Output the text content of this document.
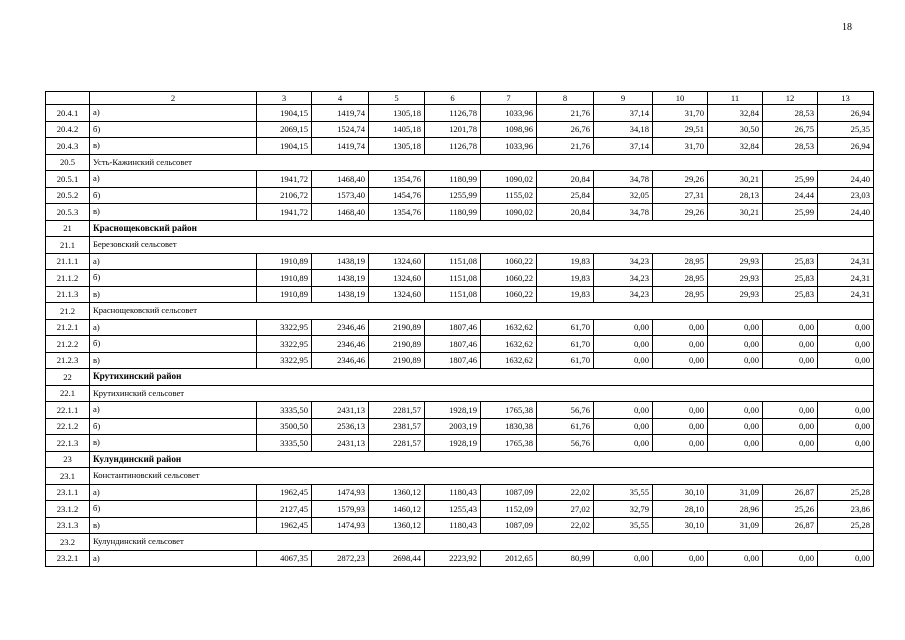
18
	2	3	4	5	6	7	8	9	10	11	12	13
20.4.1	а)	1904,15	1419,74	1305,18	1126,78	1033,96	21,76	37,14	31,70	32,84	28,53	26,94
20.4.2	б)	2069,15	1524,74	1405,18	1201,78	1098,96	26,76	34,18	29,51	30,50	26,75	25,35
20.4.3	в)	1904,15	1419,74	1305,18	1126,78	1033,96	21,76	37,14	31,70	32,84	28,53	26,94
20.5	Усть-Кажинский сельсовет											
20.5.1	а)	1941,72	1468,40	1354,76	1180,99	1090,02	20,84	34,78	29,26	30,21	25,99	24,40
20.5.2	б)	2106,72	1573,40	1454,76	1255,99	1155,02	25,84	32,05	27,31	28,13	24,44	23,03
20.5.3	в)	1941,72	1468,40	1354,76	1180,99	1090,02	20,84	34,78	29,26	30,21	25,99	24,40
21	Краснощековский район											
21.1	Березовский сельсовет											
21.1.1	а)	1910,89	1438,19	1324,60	1151,08	1060,22	19,83	34,23	28,95	29,93	25,83	24,31
21.1.2	б)	1910,89	1438,19	1324,60	1151,08	1060,22	19,83	34,23	28,95	29,93	25,83	24,31
21.1.3	в)	1910,89	1438,19	1324,60	1151,08	1060,22	19,83	34,23	28,95	29,93	25,83	24,31
21.2	Краснощековский сельсовет											
21.2.1	а)	3322,95	2346,46	2190,89	1807,46	1632,62	61,70	0,00	0,00	0,00	0,00	0,00
21.2.2	б)	3322,95	2346,46	2190,89	1807,46	1632,62	61,70	0,00	0,00	0,00	0,00	0,00
21.2.3	в)	3322,95	2346,46	2190,89	1807,46	1632,62	61,70	0,00	0,00	0,00	0,00	0,00
22	Крутихинский район											
22.1	Крутихинский сельсовет											
22.1.1	а)	3335,50	2431,13	2281,57	1928,19	1765,38	56,76	0,00	0,00	0,00	0,00	0,00
22.1.2	б)	3500,50	2536,13	2381,57	2003,19	1830,38	61,76	0,00	0,00	0,00	0,00	0,00
22.1.3	в)	3335,50	2431,13	2281,57	1928,19	1765,38	56,76	0,00	0,00	0,00	0,00	0,00
23	Кулундинский район											
23.1	Константиновский сельсовет											
23.1.1	а)	1962,45	1474,93	1360,12	1180,43	1087,09	22,02	35,55	30,10	31,09	26,87	25,28
23.1.2	б)	2127,45	1579,93	1460,12	1255,43	1152,09	27,02	32,79	28,10	28,96	25,26	23,86
23.1.3	в)	1962,45	1474,93	1360,12	1180,43	1087,09	22,02	35,55	30,10	31,09	26,87	25,28
23.2	Кулундинский сельсовет											
23.2.1	а)	4067,35	2872,23	2698,44	2223,92	2012,65	80,99	0,00	0,00	0,00	0,00	0,00
